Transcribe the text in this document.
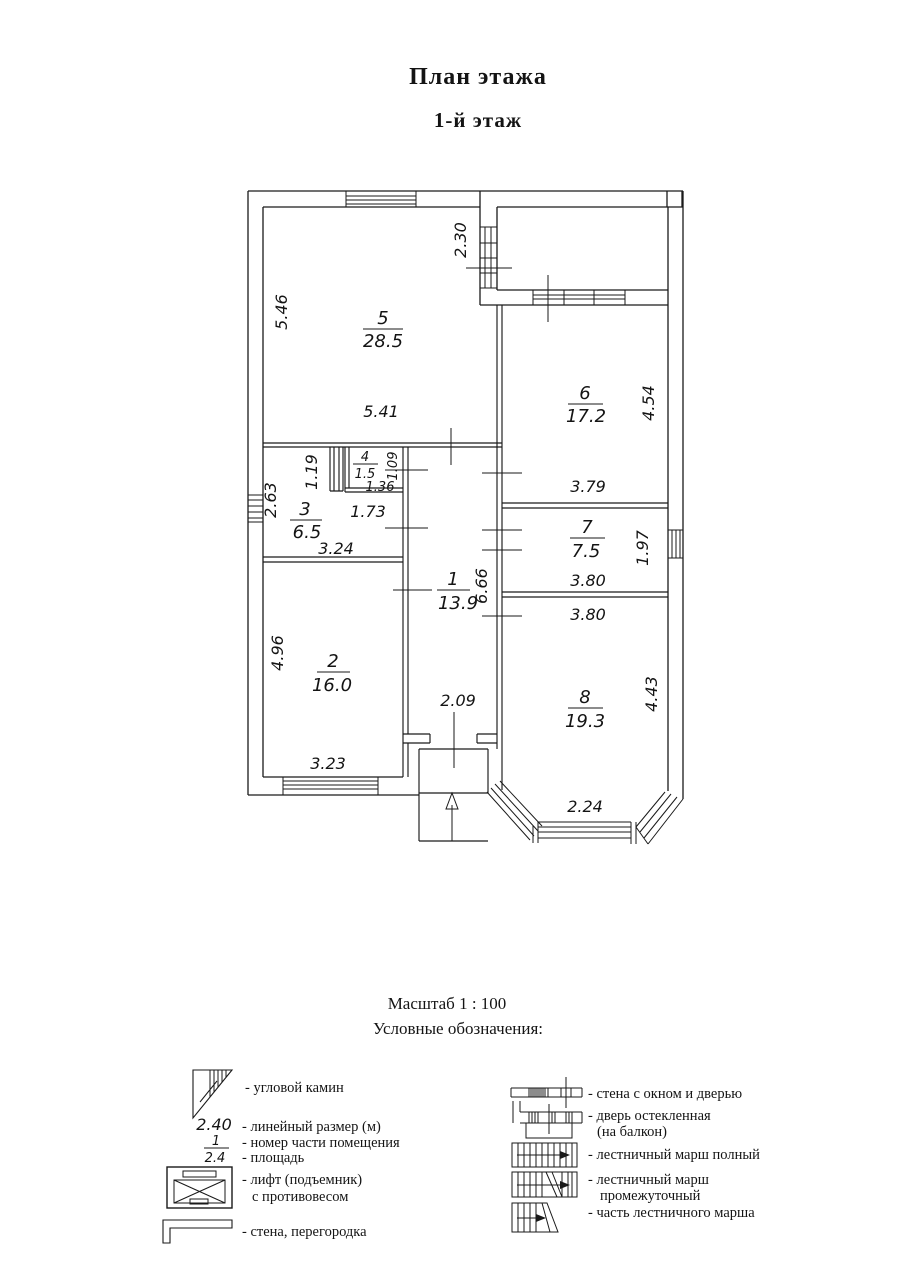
План этажа
1-й этаж
5
28.5
6
17.2
7
7.5
8
19.3
1
13.9
2
16.0
3
6.5
4
1.5
5.46
5.41
2.30
4.54
3.79
1.19	1.36
1.09
2.63	1.73
3.24
6.66
2.09
3.80
1.97
3.80
4.96
3.23
4.43
2.24
Масштаб 1 : 100
Условные обозначения:
- угловой камин
2.40 - линейный размер (м)
1
2.4
- номер части помещения
- площадь
- лифт (подъемник)
с противовесом
- стена, перегородка
- стена с окном и дверью
- дверь остекленная
(на балкон)
- лестничный марш полный
- лестничный марш
промежуточный
- часть лестничного марша
